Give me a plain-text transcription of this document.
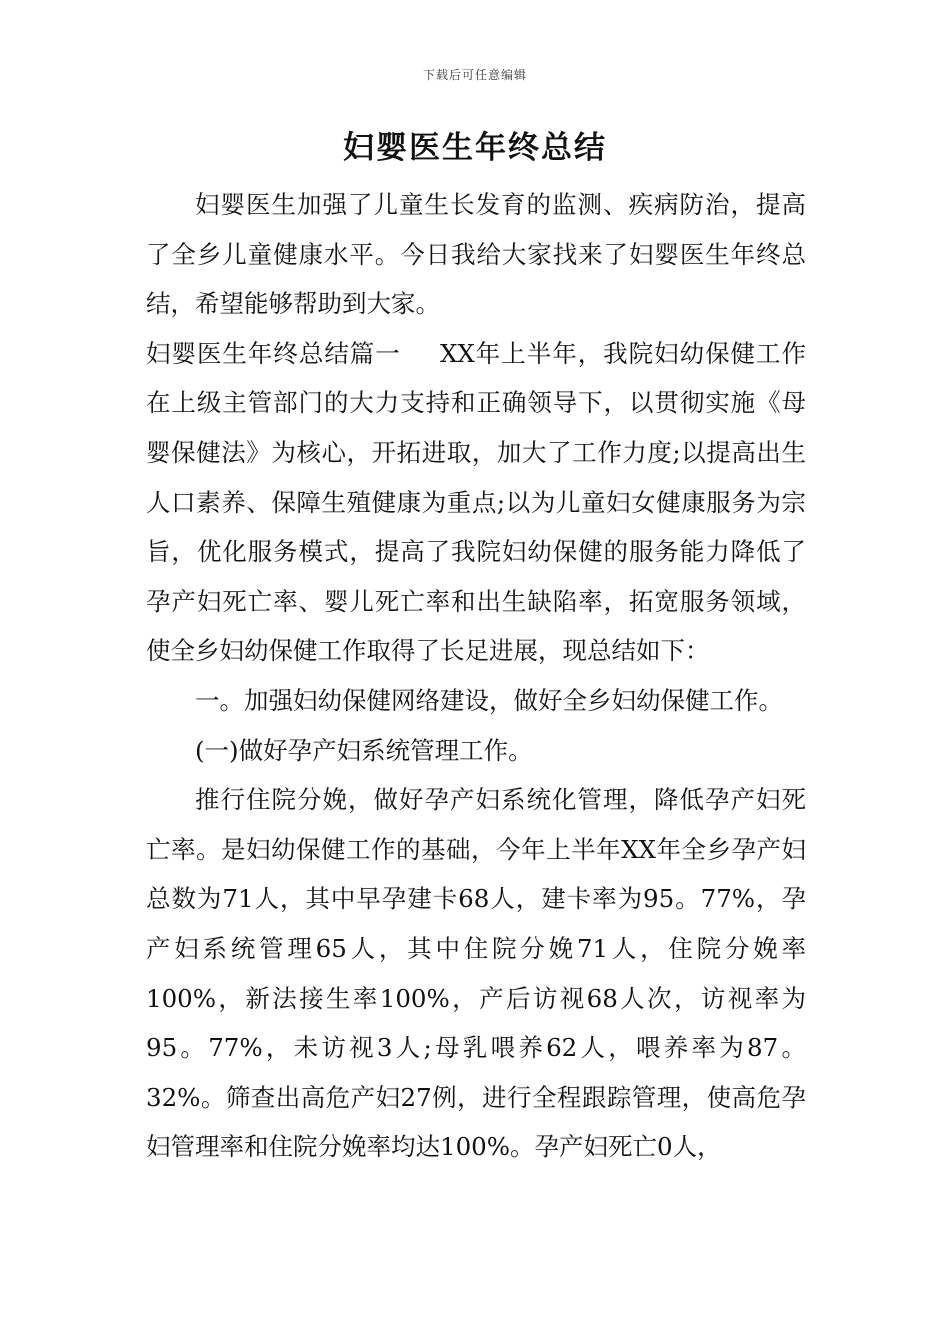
下载后可任意编辑
妇婴医生年终总结

妇婴医生加强了儿童生长发育的监测、疾病防治，提高了全乡儿童健康水平。今日我给大家找来了妇婴医生年终总结，希望能够帮助到大家。

妇婴医生年终总结篇一 XX年上半年，我院妇幼保健工作在上级主管部门的大力支持和正确领导下，以贯彻实施《母婴保健法》为核心，开拓进取，加大了工作力度;以提高出生人口素养、保障生殖健康为重点;以为儿童妇女健康服务为宗旨，优化服务模式，提高了我院妇幼保健的服务能力降低了孕产妇死亡率、婴儿死亡率和出生缺陷率，拓宽服务领域，使全乡妇幼保健工作取得了长足进展，现总结如下：

一。加强妇幼保健网络建设，做好全乡妇幼保健工作。

(一)做好孕产妇系统管理工作。

推行住院分娩，做好孕产妇系统化管理，降低孕产妇死亡率。是妇幼保健工作的基础，今年上半年XX年全乡孕产妇总数为71人，其中早孕建卡68人，建卡率为95。77%，孕产妇系统管理65人，其中住院分娩71人，住院分娩率100%，新法接生率100%，产后访视68人次，访视率为95。77%，未访视3人;母乳喂养62人，喂养率为87。32%。筛查出高危产妇27例，进行全程跟踪管理，使高危孕妇管理率和住院分娩率均达100%。孕产妇死亡0人，
